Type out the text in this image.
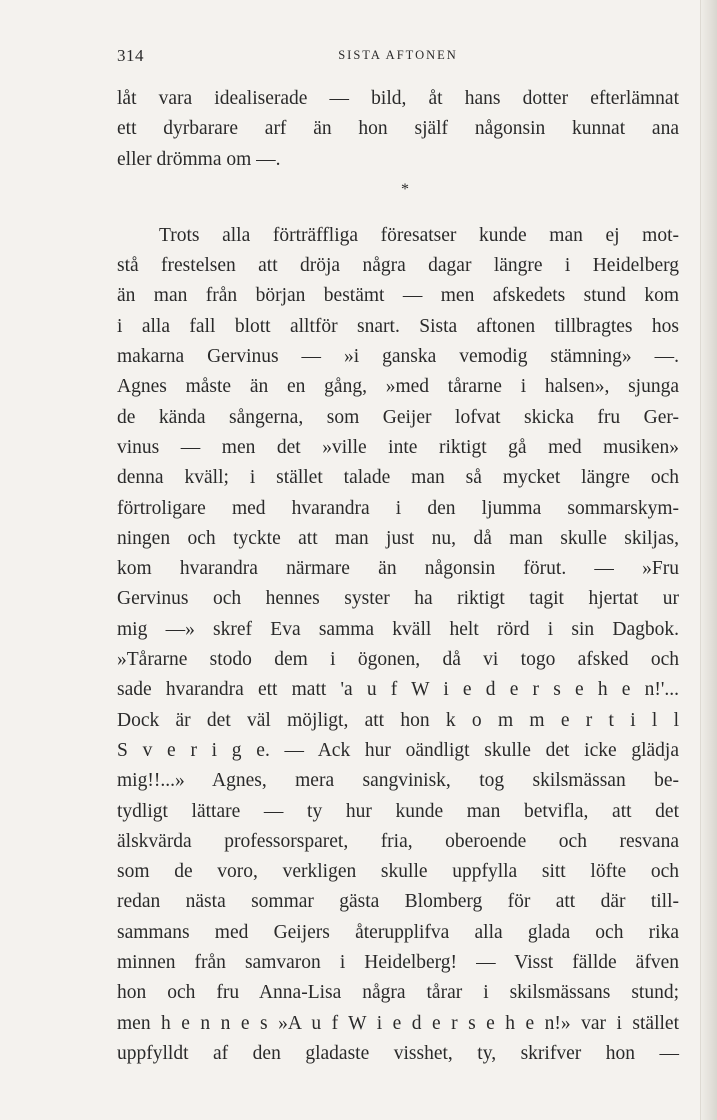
314	SISTA AFTONEN
låt vara idealiserade — bild, åt hans dotter efterlämnat
ett dyrbarare arf än hon själf någonsin kunnat ana
eller drömma om —.
*
Trots alla förträffliga föresatser kunde man ej mot-
stå frestelsen att dröja några dagar längre i Heidelberg
än man från början bestämt — men afskedets stund kom
i alla fall blott alltför snart. Sista aftonen tillbragtes hos
makarna Gervinus — »i ganska vemodig stämning» —.
Agnes måste än en gång, »med tårarne i halsen», sjunga
de kända sångerna, som Geijer lofvat skicka fru Ger-
vinus — men det »ville inte riktigt gå med musiken»
denna kväll; i stället talade man så mycket längre och
förtroligare med hvarandra i den ljumma sommarskym-
ningen och tyckte att man just nu, då man skulle skiljas,
kom hvarandra närmare än någonsin förut. — »Fru
Gervinus och hennes syster ha riktigt tagit hjertat ur
mig —» skref Eva samma kväll helt rörd i sin Dagbok.
»Tårarne stodo dem i ögonen, då vi togo afsked och
sade hvarandra ett matt 'a u f W i e d e r s e h e n!'...
Dock är det väl möjligt, att hon k o m m e r t i l l
S v e r i g e. — Ack hur oändligt skulle det icke glädja
mig!!...» Agnes, mera sangvinisk, tog skilsmässan be-
tydligt lättare — ty hur kunde man betvifla, att det
älskvärda professorsparet, fria, oberoende och resvana
som de voro, verkligen skulle uppfylla sitt löfte och
redan nästa sommar gästa Blomberg för att där till-
sammans med Geijers återupplifva alla glada och rika
minnen från samvaron i Heidelberg! — Visst fällde äfven
hon och fru Anna-Lisa några tårar i skilsmässans stund;
men h e n n e s »A u f W i e d e r s e h e n!» var i stället
uppfylldt af den gladaste visshet, ty, skrifver hon —
